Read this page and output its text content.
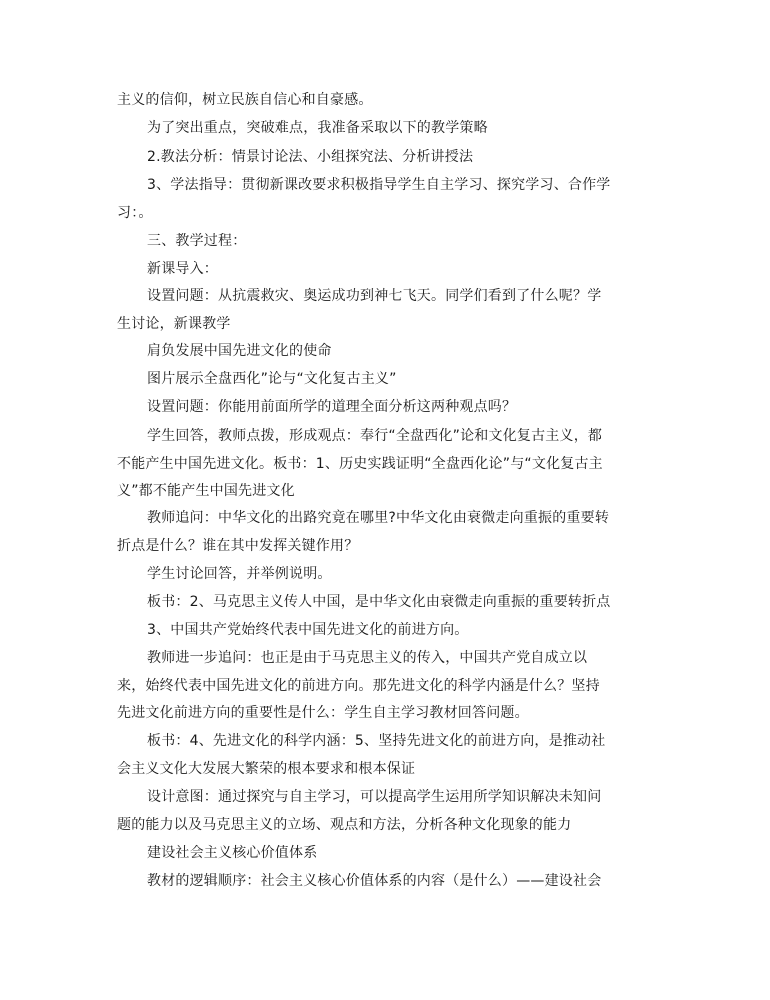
主义的信仰，树立民族自信心和自豪感。
为了突出重点，突破难点，我准备采取以下的教学策略
2.教法分析：情景讨论法、小组探究法、分析讲授法
3、学法指导：贯彻新课改要求积极指导学生自主学习、探究学习、合作学
习：。
三、教学过程：
新课导入：
设置问题：从抗震救灾、奥运成功到神七飞天。同学们看到了什么呢？学
生讨论，新课教学
肩负发展中国先进文化的使命
图片展示全盘西化”论与“文化复古主义”
设置问题：你能用前面所学的道理全面分析这两种观点吗？
学生回答，教师点拨，形成观点：奉行“全盘西化”论和文化复古主义，都
不能产生中国先进文化。板书：1、历史实践证明“全盘西化论”与“文化复古主
义”都不能产生中国先进文化
教师追问：中华文化的出路究竟在哪里?中华文化由衰微走向重振的重要转
折点是什么？谁在其中发挥关键作用？
学生讨论回答，并举例说明。
板书：2、马克思主义传人中国，是中华文化由衰微走向重振的重要转折点
3、中国共产党始终代表中国先进文化的前进方向。
教师进一步追问：也正是由于马克思主义的传入，中国共产党自成立以
来，始终代表中国先进文化的前进方向。那先进文化的科学内涵是什么？坚持
先进文化前进方向的重要性是什么：学生自主学习教材回答问题。
板书：4、先进文化的科学内涵：5、坚持先进文化的前进方向，是推动社
会主义文化大发展大繁荣的根本要求和根本保证
设计意图：通过探究与自主学习，可以提高学生运用所学知识解决未知问
题的能力以及马克思主义的立场、观点和方法，分析各种文化现象的能力
建设社会主义核心价值体系
教材的逻辑顺序：社会主义核心价值体系的内容（是什么）——建设社会
